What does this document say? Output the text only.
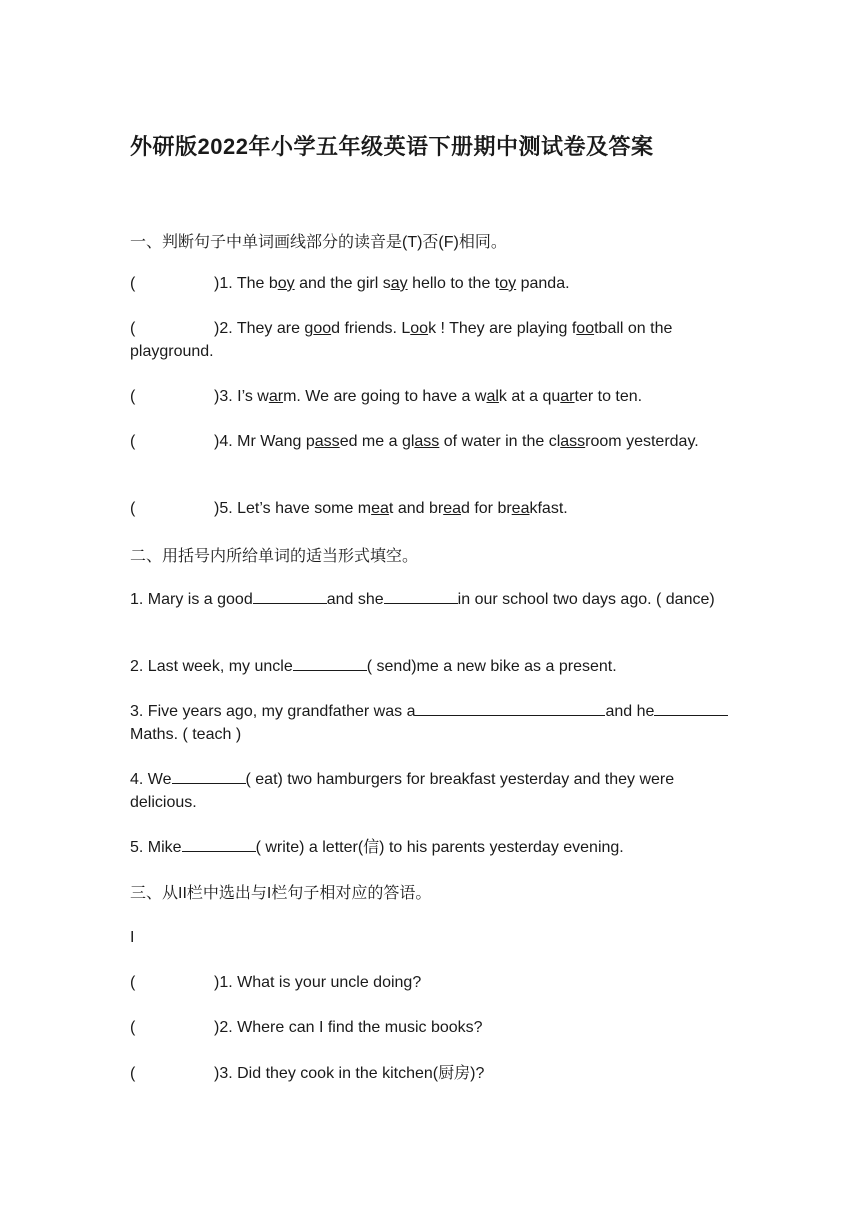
外研版2022年小学五年级英语下册期中测试卷及答案
一、判断句子中单词画线部分的读音是(T)否(F)相同。
(	)1. The boy and the girl say hello to the toy panda.
(	)2. They are good friends. Look ! They are playing football on the playground.
(	)3. I’s warm. We are going to have a walk at a quarter to ten.
(	)4. Mr Wang passed me a glass of water in the classroom yesterday.
(	)5. Let’s have some meat and bread for breakfast.
二、用括号内所给单词的适当形式填空。
1. Mary is a good	and she	in our school two days ago. ( dance)
2. Last week, my uncle	( send)me a new bike as a present.
3. Five years ago, my grandfather was a	and heMaths. ( teach )
4. We	( eat) two hamburgers for breakfast yesterday and they were delicious.
5. Mike	( write) a letter(信) to his parents yesterday evening.
三、从II栏中选出与I栏句子相对应的答语。
I
(	)1. What is your uncle doing?
(	)2. Where can I find the music books?
(	)3. Did they cook in the kitchen(厨房)?
